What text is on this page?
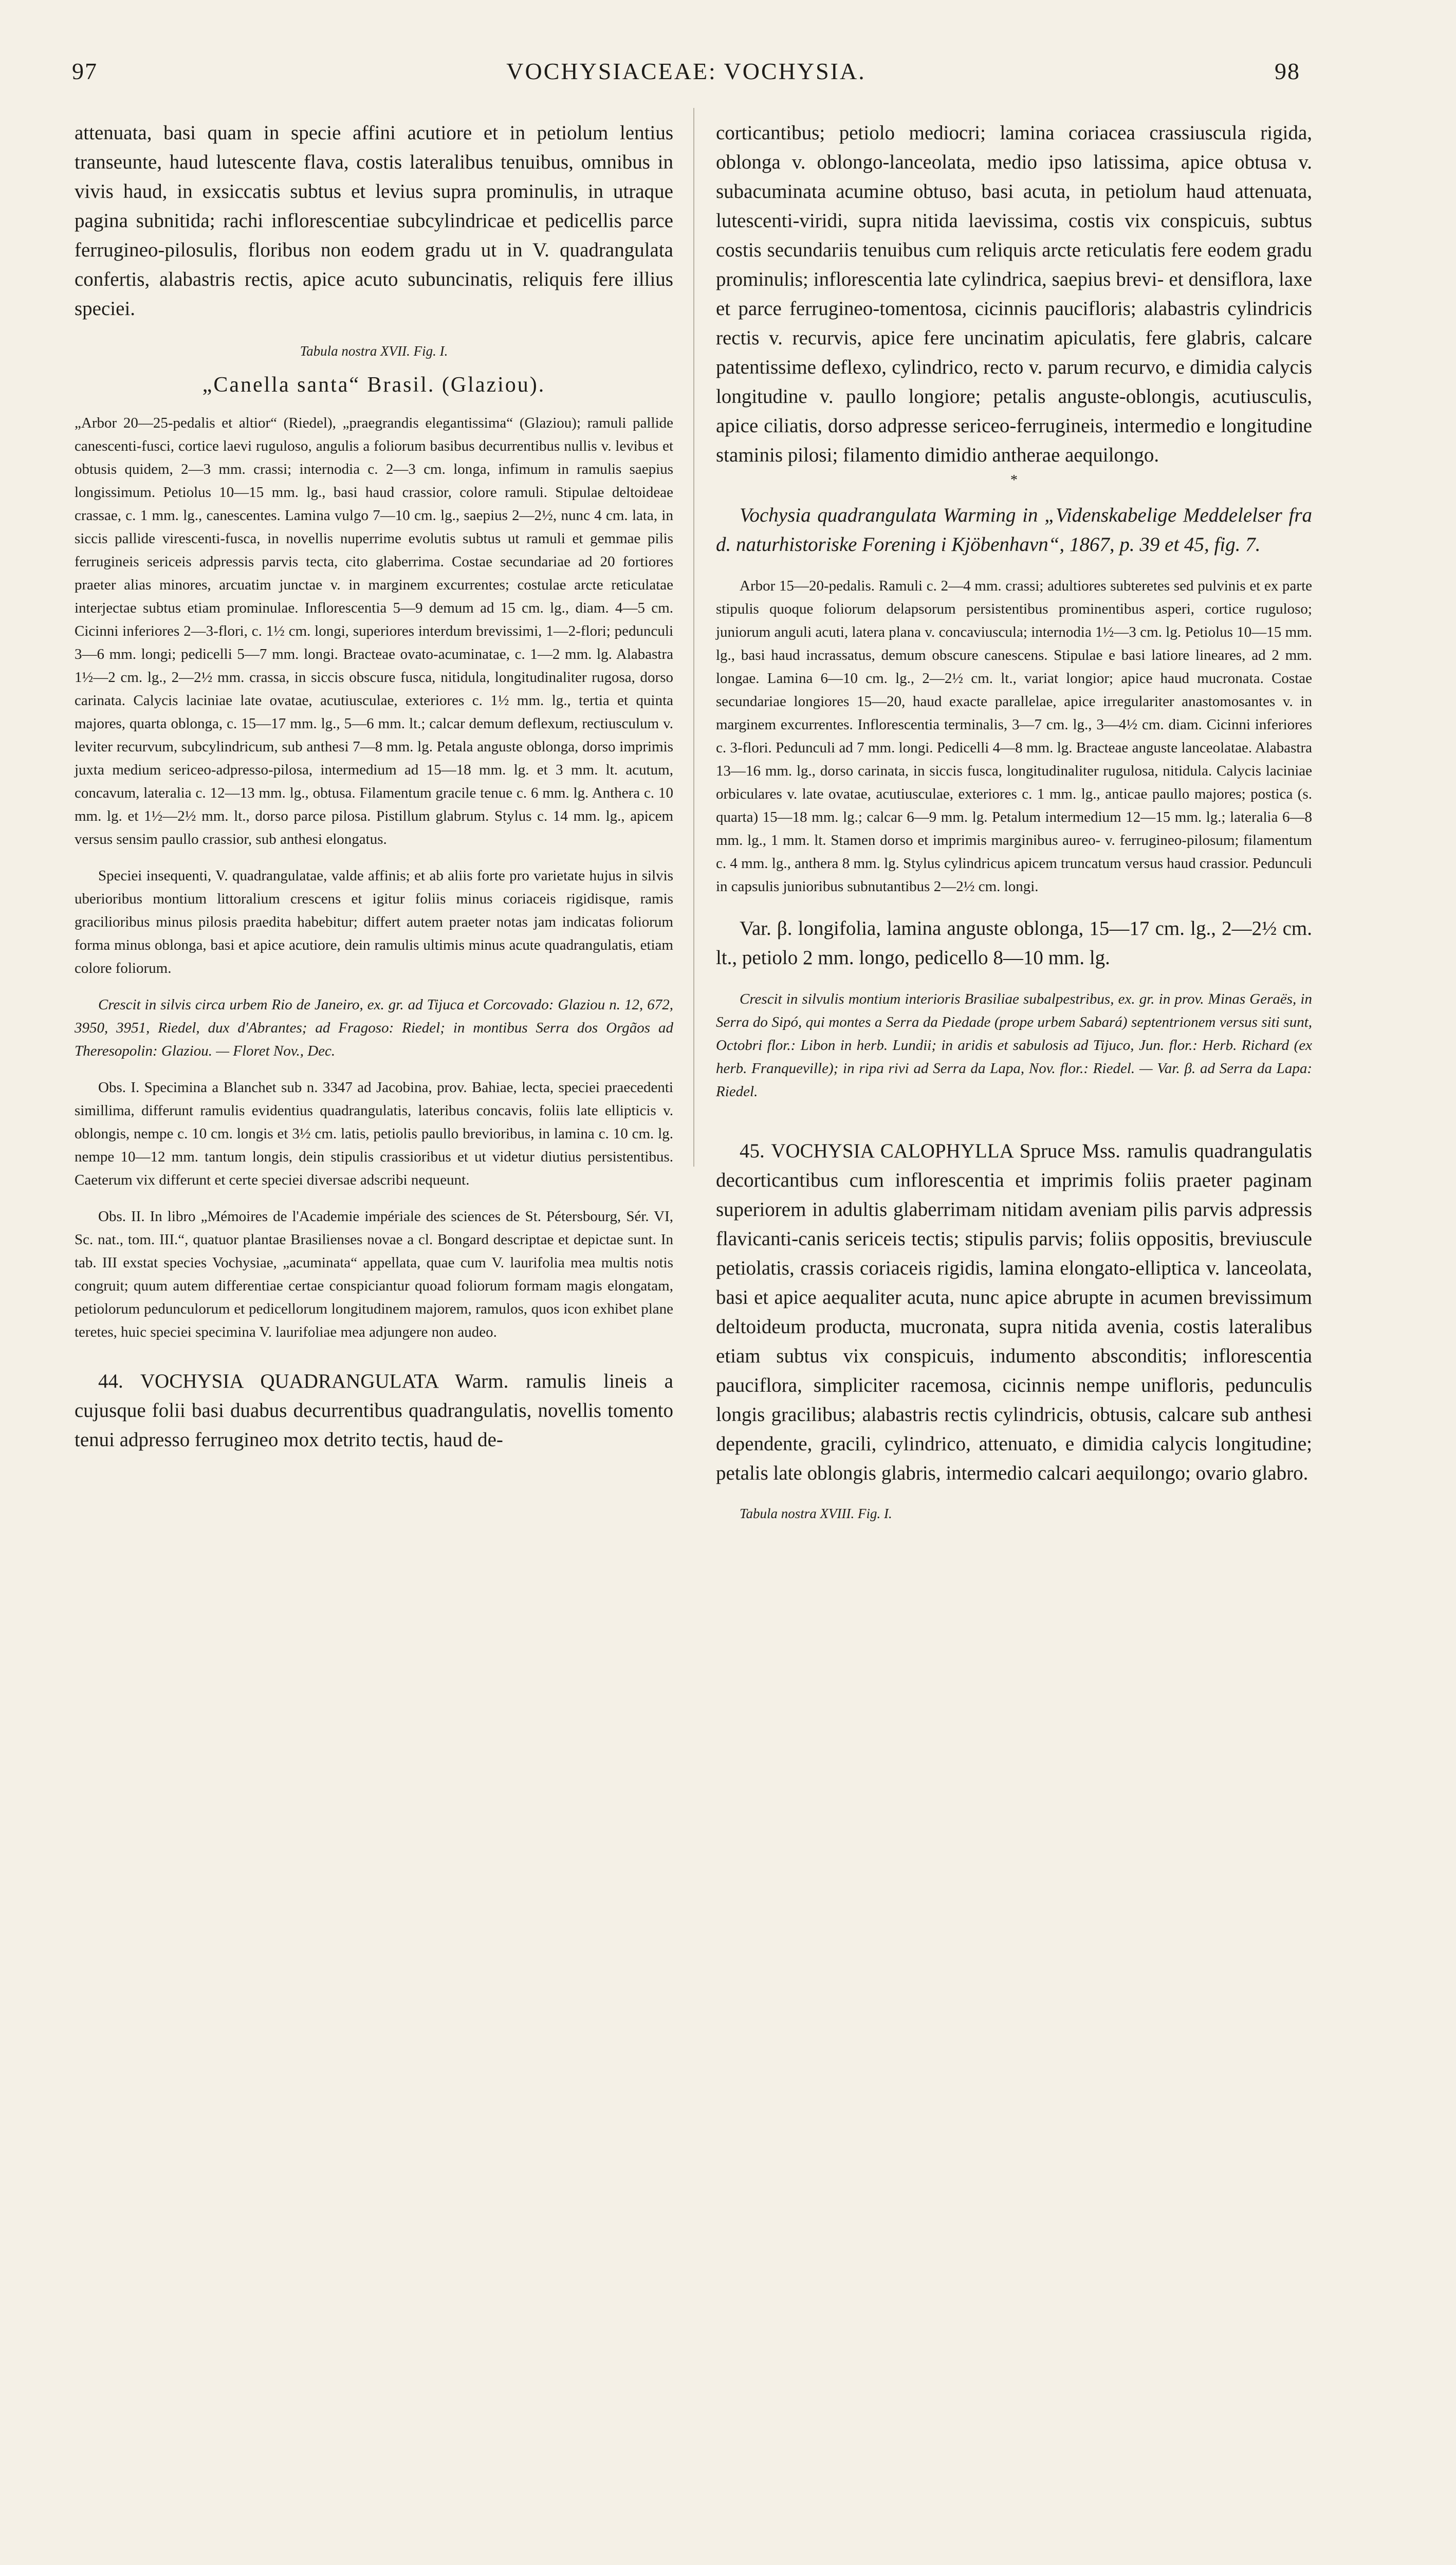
97	VOCHYSIACEAE: VOCHYSIA.	98

attenuata, basi quam in specie affini acutiore et in petiolum lentius transeunte, haud lutescente flava, costis lateralibus tenuibus, omnibus in vivis haud, in exsiccatis subtus et levius supra prominulis, in utraque pagina subnitida; rachi inflorescentiae subcylindricae et pedicellis parce ferrugineo-pilosulis, floribus non eodem gradu ut in V. quadrangulata confertis, alabastris rectis, apice acuto subuncinatis, reliquis fere illius speciei.

Tabula nostra XVII. Fig. I.

„Canella santa“ Brasil. (Glaziou).

„Arbor 20—25-pedalis et altior“ (Riedel), „praegrandis elegantissima“ (Glaziou); ramuli pallide canescenti-fusci, cortice laevi ruguloso, angulis a foliorum basibus decurrentibus nullis v. levibus et obtusis quidem, 2—3 mm. crassi; internodia c. 2—3 cm. longa, infimum in ramulis saepius longissimum. Petiolus 10—15 mm. lg., basi haud crassior, colore ramuli. Stipulae deltoideae crassae, c. 1 mm. lg., canescentes. Lamina vulgo 7—10 cm. lg., saepius 2—2½, nunc 4 cm. lata, in siccis pallide virescenti-fusca, in novellis nuperrime evolutis subtus ut ramuli et gemmae pilis ferrugineis sericeis adpressis parvis tecta, cito glaberrima. Costae secundariae ad 20 fortiores praeter alias minores, arcuatim junctae v. in marginem excurrentes; costulae arcte reticulatae interjectae subtus etiam prominulae. Inflorescentia 5—9 demum ad 15 cm. lg., diam. 4—5 cm. Cicinni inferiores 2—3-flori, c. 1½ cm. longi, superiores interdum brevissimi, 1—2-flori; pedunculi 3—6 mm. longi; pedicelli 5—7 mm. longi. Bracteae ovato-acuminatae, c. 1—2 mm. lg. Alabastra 1½—2 cm. lg., 2—2½ mm. crassa, in siccis obscure fusca, nitidula, longitudinaliter rugosa, dorso carinata. Calycis laciniae late ovatae, acutiusculae, exteriores c. 1½ mm. lg., tertia et quinta majores, quarta oblonga, c. 15—17 mm. lg., 5—6 mm. lt.; calcar demum deflexum, rectiusculum v. leviter recurvum, subcylindricum, sub anthesi 7—8 mm. lg. Petala anguste oblonga, dorso imprimis juxta medium sericeo-adpresso-pilosa, intermedium ad 15—18 mm. lg. et 3 mm. lt. acutum, concavum, lateralia c. 12—13 mm. lg., obtusa. Filamentum gracile tenue c. 6 mm. lg. Anthera c. 10 mm. lg. et 1½—2½ mm. lt., dorso parce pilosa. Pistillum glabrum. Stylus c. 14 mm. lg., apicem versus sensim paullo crassior, sub anthesi elongatus.

Speciei insequenti, V. quadrangulatae, valde affinis; et ab aliis forte pro varietate hujus in silvis uberioribus montium littoralium crescens et igitur foliis minus coriaceis rigidisque, ramis gracilioribus minus pilosis praedita habebitur; differt autem praeter notas jam indicatas foliorum forma minus oblonga, basi et apice acutiore, dein ramulis ultimis minus acute quadrangulatis, etiam colore foliorum.

Crescit in silvis circa urbem Rio de Janeiro, ex. gr. ad Tijuca et Corcovado: Glaziou n. 12, 672, 3950, 3951, Riedel, dux d'Abrantes; ad Fragoso: Riedel; in montibus Serra dos Orgãos ad Theresopolin: Glaziou. — Floret Nov., Dec.

Obs. I. Specimina a Blanchet sub n. 3347 ad Jacobina, prov. Bahiae, lecta, speciei praecedenti simillima, differunt ramulis evidentius quadrangulatis, lateribus concavis, foliis late ellipticis v. oblongis, nempe c. 10 cm. longis et 3½ cm. latis, petiolis paullo brevioribus, in lamina c. 10 cm. lg. nempe 10—12 mm. tantum longis, dein stipulis crassioribus et ut videtur diutius persistentibus. Caeterum vix differunt et certe speciei diversae adscribi nequeunt.

Obs. II. In libro „Mémoires de l'Academie impériale des sciences de St. Pétersbourg, Sér. VI, Sc. nat., tom. III.“, quatuor plantae Brasilienses novae a cl. Bongard descriptae et depictae sunt. In tab. III exstat species Vochysiae, „acuminata“ appellata, quae cum V. laurifolia mea multis notis congruit; quum autem differentiae certae conspiciantur quoad foliorum formam magis elongatam, petiolorum pedunculorum et pedicellorum longitudinem majorem, ramulos, quos icon exhibet plane teretes, huic speciei specimina V. laurifoliae mea adjungere non audeo.

44. VOCHYSIA QUADRANGULATA Warm. ramulis lineis a cujusque folii basi duabus decurrentibus quadrangulatis, novellis tomento tenui adpresso ferrugineo mox detrito tectis, haud de-

corticantibus; petiolo mediocri; lamina coriacea crassiuscula rigida, oblonga v. oblongo-lanceolata, medio ipso latissima, apice obtusa v. subacuminata acumine obtuso, basi acuta, in petiolum haud attenuata, lutescenti-viridi, supra nitida laevissima, costis vix conspicuis, subtus costis secundariis tenuibus cum reliquis arcte reticulatis fere eodem gradu prominulis; inflorescentia late cylindrica, saepius brevi- et densiflora, laxe et parce ferrugineo-tomentosa, cicinnis paucifloris; alabastris cylindricis rectis v. recurvis, apice fere uncinatim apiculatis, fere glabris, calcare patentissime deflexo, cylindrico, recto v. parum recurvo, e dimidia calycis longitudine v. paullo longiore; petalis anguste-oblongis, acutiusculis, apice ciliatis, dorso adpresse sericeo-ferrugineis, intermedio e longitudine staminis pilosi; filamento dimidio antherae aequilongo.

*

Vochysia quadrangulata Warming in „Videnskabelige Meddelelser fra d. naturhistoriske Forening i Kjöbenhavn“, 1867, p. 39 et 45, fig. 7.

Arbor 15—20-pedalis. Ramuli c. 2—4 mm. crassi; adultiores subteretes sed pulvinis et ex parte stipulis quoque foliorum delapsorum persistentibus prominentibus asperi, cortice ruguloso; juniorum anguli acuti, latera plana v. concaviuscula; internodia 1½—3 cm. lg. Petiolus 10—15 mm. lg., basi haud incrassatus, demum obscure canescens. Stipulae e basi latiore lineares, ad 2 mm. longae. Lamina 6—10 cm. lg., 2—2½ cm. lt., variat longior; apice haud mucronata. Costae secundariae longiores 15—20, haud exacte parallelae, apice irregulariter anastomosantes v. in marginem excurrentes. Inflorescentia terminalis, 3—7 cm. lg., 3—4½ cm. diam. Cicinni inferiores c. 3-flori. Pedunculi ad 7 mm. longi. Pedicelli 4—8 mm. lg. Bracteae anguste lanceolatae. Alabastra 13—16 mm. lg., dorso carinata, in siccis fusca, longitudinaliter rugulosa, nitidula. Calycis laciniae orbiculares v. late ovatae, acutiusculae, exteriores c. 1 mm. lg., anticae paullo majores; postica (s. quarta) 15—18 mm. lg.; calcar 6—9 mm. lg. Petalum intermedium 12—15 mm. lg.; lateralia 6—8 mm. lg., 1 mm. lt. Stamen dorso et imprimis marginibus aureo- v. ferrugineo-pilosum; filamentum c. 4 mm. lg., anthera 8 mm. lg. Stylus cylindricus apicem truncatum versus haud crassior. Pedunculi in capsulis junioribus subnutantibus 2—2½ cm. longi.

Var. β. longifolia, lamina anguste oblonga, 15—17 cm. lg., 2—2½ cm. lt., petiolo 2 mm. longo, pedicello 8—10 mm. lg.

Crescit in silvulis montium interioris Brasiliae subalpestribus, ex. gr. in prov. Minas Geraës, in Serra do Sipó, qui montes a Serra da Piedade (prope urbem Sabará) septentrionem versus siti sunt, Octobri flor.: Libon in herb. Lundii; in aridis et sabulosis ad Tijuco, Jun. flor.: Herb. Richard (ex herb. Franqueville); in ripa rivi ad Serra da Lapa, Nov. flor.: Riedel. — Var. β. ad Serra da Lapa: Riedel.

45. VOCHYSIA CALOPHYLLA Spruce Mss. ramulis quadrangulatis decorticantibus cum inflorescentia et imprimis foliis praeter paginam superiorem in adultis glaberrimam nitidam aveniam pilis parvis adpressis flavicanti-canis sericeis tectis; stipulis parvis; foliis oppositis, breviuscule petiolatis, crassis coriaceis rigidis, lamina elongato-elliptica v. lanceolata, basi et apice aequaliter acuta, nunc apice abrupte in acumen brevissimum deltoideum producta, mucronata, supra nitida avenia, costis lateralibus etiam subtus vix conspicuis, indumento absconditis; inflorescentia pauciflora, simpliciter racemosa, cicinnis nempe unifloris, pedunculis longis gracilibus; alabastris rectis cylindricis, obtusis, calcare sub anthesi dependente, gracili, cylindrico, attenuato, e dimidia calycis longitudine; petalis late oblongis glabris, intermedio calcari aequilongo; ovario glabro.

Tabula nostra XVIII. Fig. I.
